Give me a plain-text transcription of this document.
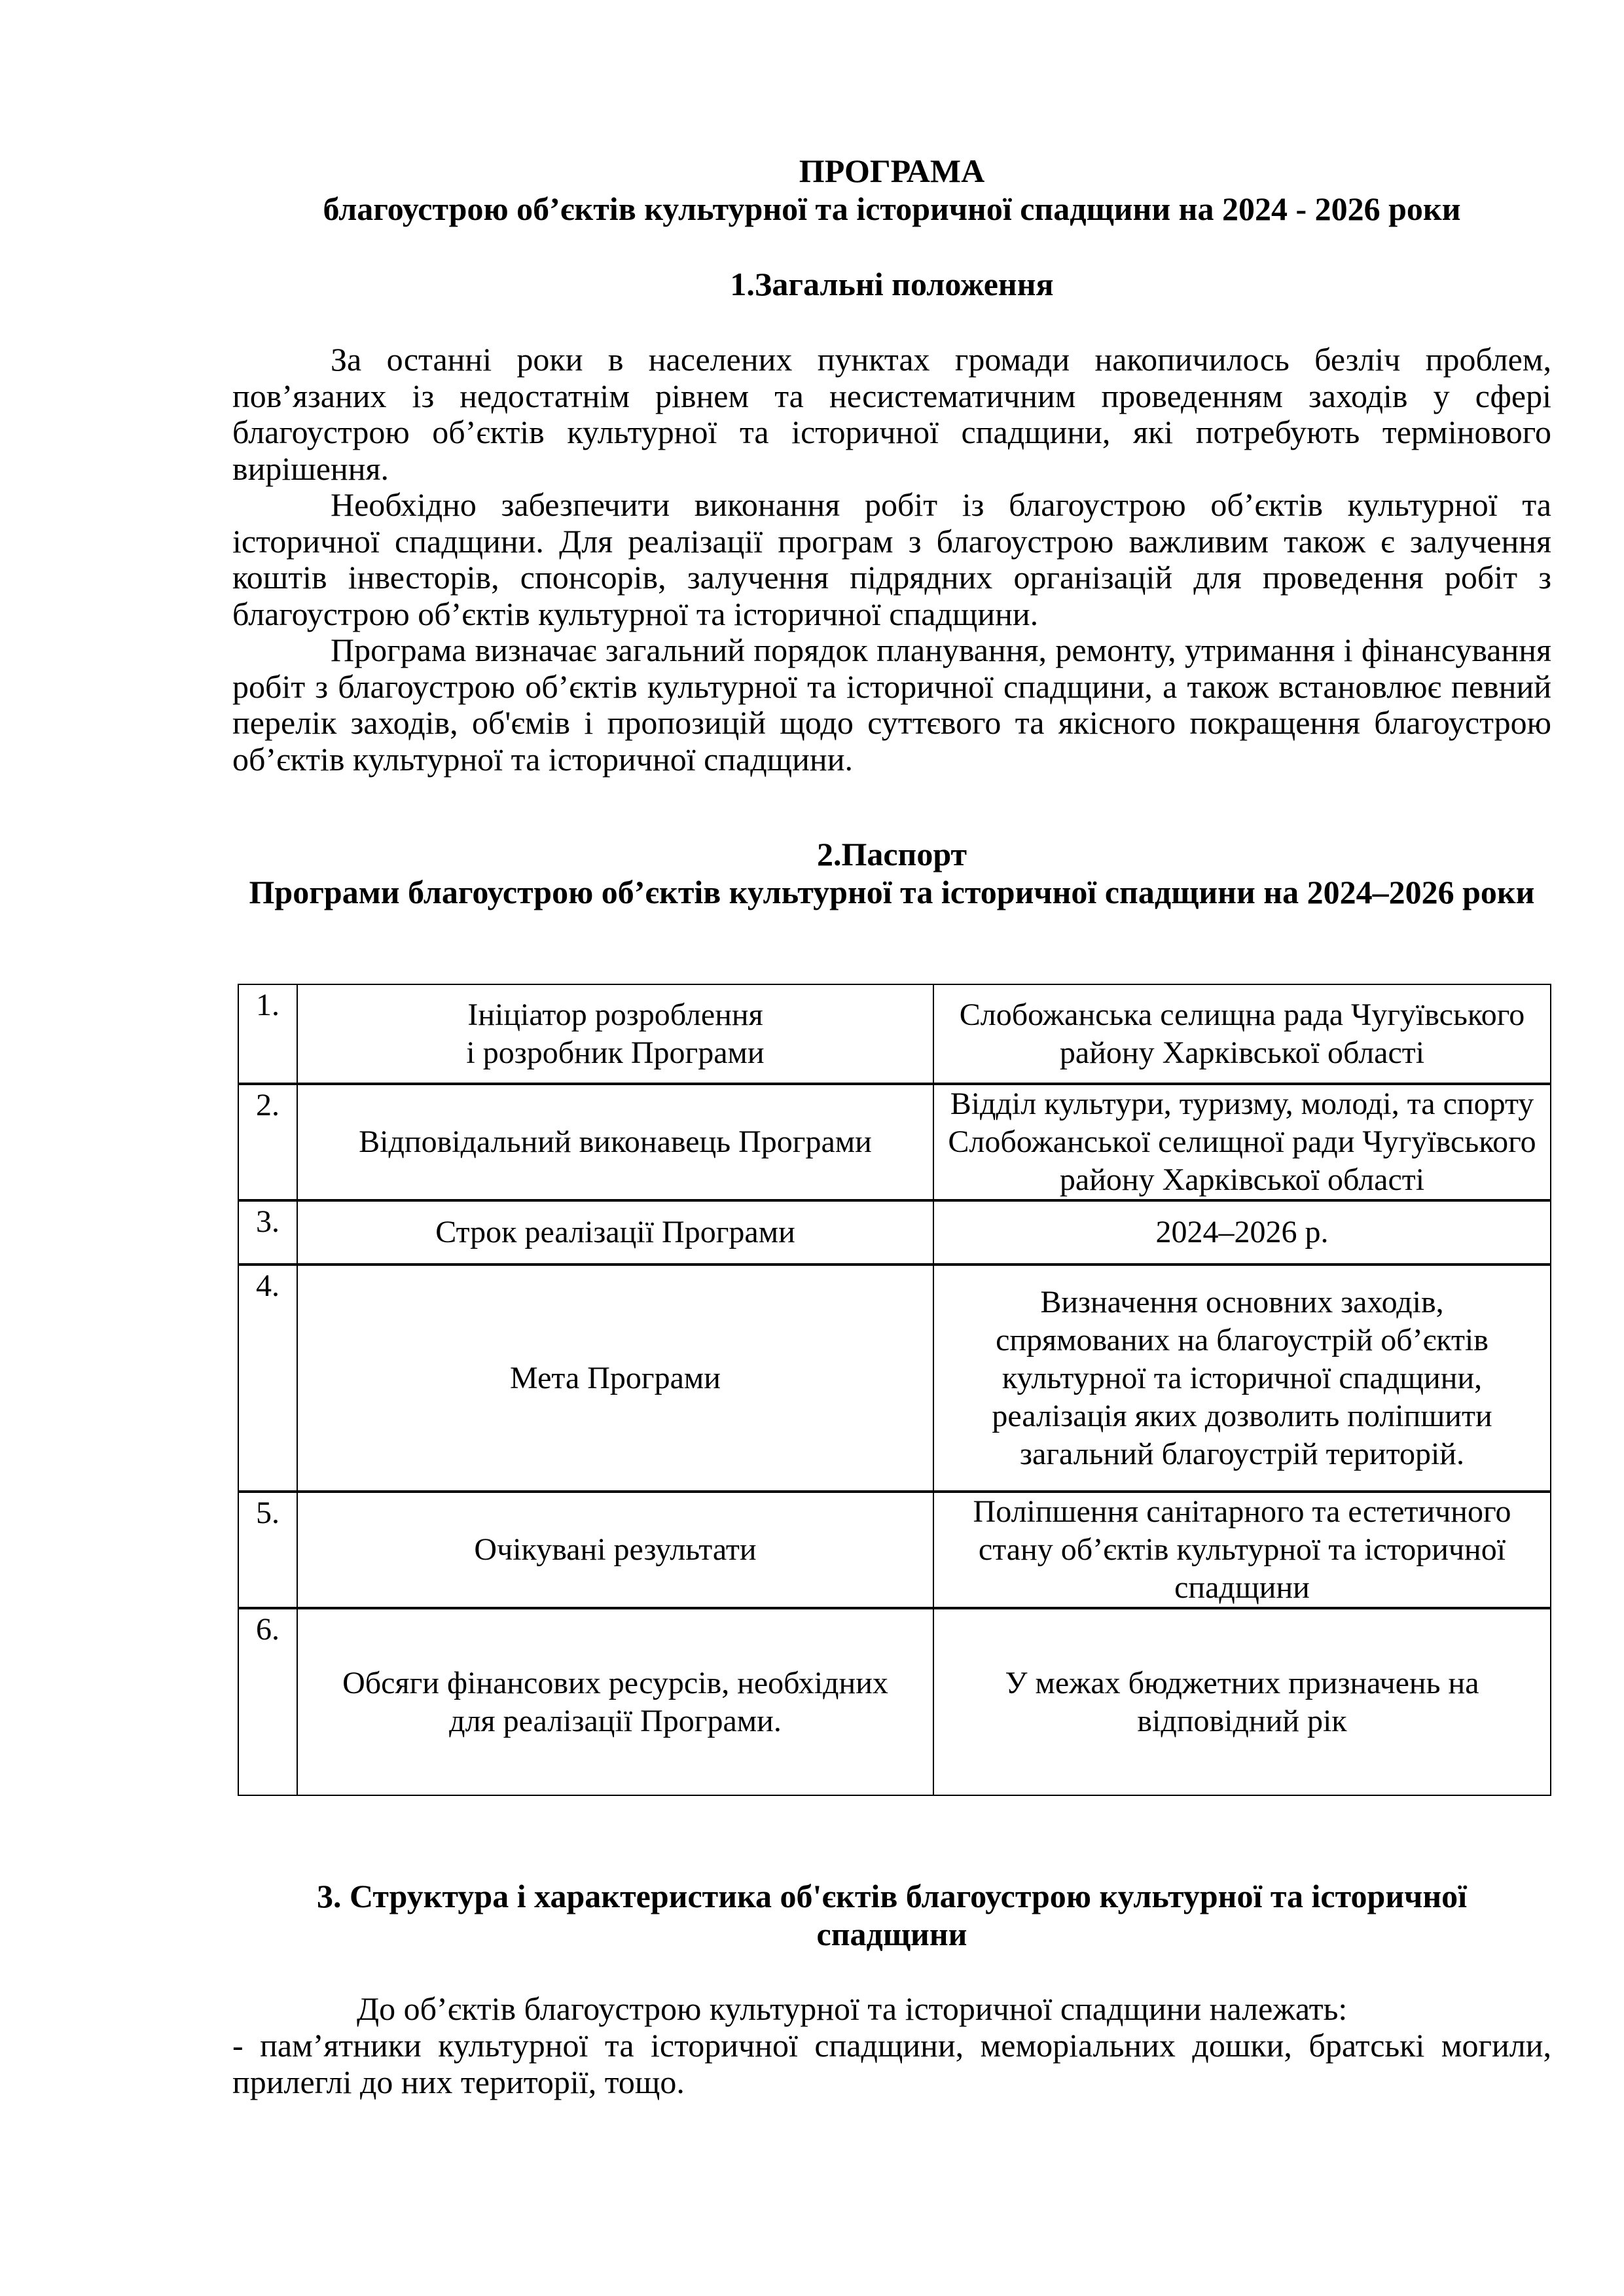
ПРОГРАМА
благоустрою об’єктів культурної та історичної спадщини на 2024 - 2026 роки
1.Загальні положення
За останні роки в населених пунктах громади накопичилось безліч проблем, пов’язаних із недостатнім рівнем та несистематичним проведенням заходів у сфері благоустрою об’єктів культурної та історичної спадщини, які потребують термінового вирішення.
Необхідно забезпечити виконання робіт із благоустрою об’єктів культурної та історичної спадщини. Для реалізації програм з благоустрою важливим також є залучення коштів інвесторів, спонсорів, залучення підрядних організацій для проведення робіт з благоустрою об’єктів культурної та історичної спадщини.
Програма визначає загальний порядок планування, ремонту, утримання і фінансування робіт з благоустрою об’єктів культурної та історичної спадщини, а також встановлює певний перелік заходів, об'ємів і пропозицій щодо суттєвого та якісного покращення благоустрою об’єктів культурної та історичної спадщини.
2.Паспорт
Програми благоустрою об’єктів культурної та історичної спадщини на 2024–2026 роки
1.	Ініціатор розроблення
і розробник Програми	Слобожанська селищна рада Чугуївського району Харківської області
2.	Відповідальний виконавець Програми	Відділ культури, туризму, молоді, та спорту Слобожанської селищної ради Чугуївського району Харківської області
3.	Строк реалізації Програми	2024–2026 р.
4.	Мета Програми	Визначення основних заходів, спрямованих на благоустрій об’єктів культурної та історичної спадщини, реалізація яких дозволить поліпшити загальний благоустрій територій.
5.	Очікувані результати	Поліпшення санітарного та естетичного стану об’єктів культурної та історичної спадщини
6.	Обсяги фінансових ресурсів, необхідних для реалізації Програми.	У межах бюджетних призначень на відповідний рік
3. Структура і характеристика об'єктів благоустрою культурної та історичної
спадщини
До об’єктів благоустрою культурної та історичної спадщини належать:
- пам’ятники культурної та історичної спадщини, меморіальних дошки, братські могили, прилеглі до них території, тощо.
